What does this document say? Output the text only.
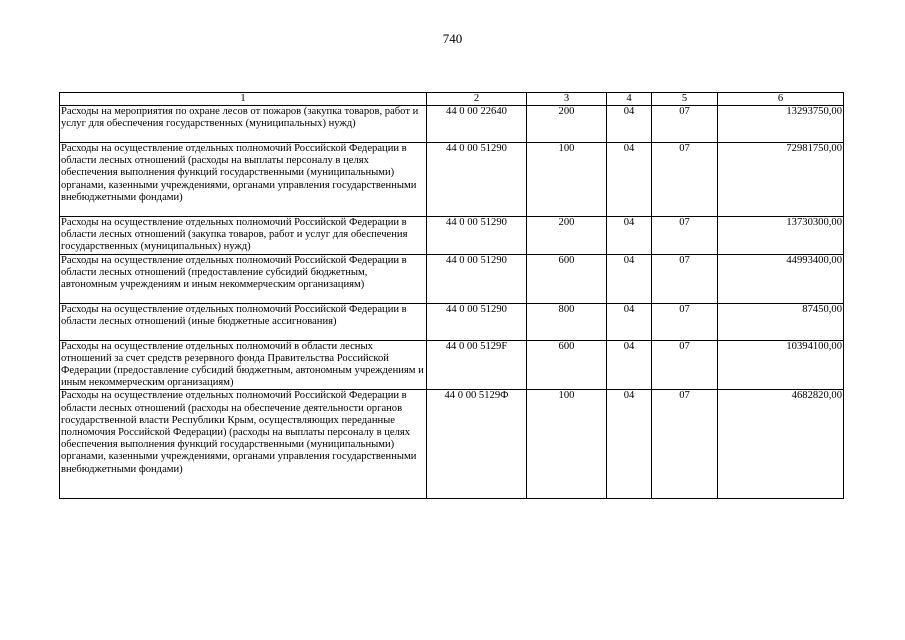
740
1	2	3	4	5	6
Расходы на мероприятия по охране лесов от пожаров (закупка товаров, работ и услуг для обеспечения государственных (муниципальных) нужд)	44 0 00 22640	200	04	07	13293750,00
Расходы на осуществление отдельных полномочий Российской Федерации в области лесных отношений (расходы на выплаты персоналу в целях обеспечения выполнения функций государственными (муниципальными) органами, казенными учреждениями, органами управления государственными внебюджетными фондами)	44 0 00 51290	100	04	07	72981750,00
Расходы на осуществление отдельных полномочий Российской Федерации в области лесных отношений (закупка товаров, работ и услуг для обеспечения государственных (муниципальных) нужд)	44 0 00 51290	200	04	07	13730300,00
Расходы на осуществление отдельных полномочий Российской Федерации в области лесных отношений (предоставление субсидий бюджетным, автономным учреждениям и иным некоммерческим организациям)	44 0 00 51290	600	04	07	44993400,00
Расходы на осуществление отдельных полномочий Российской Федерации в области лесных отношений (иные бюджетные ассигнования)	44 0 00 51290	800	04	07	87450,00
Расходы на осуществление отдельных полномочий в области лесных отношений за счет средств резервного фонда Правительства Российской Федерации (предоставление субсидий бюджетным, автономным учреждениям и иным некоммерческим организациям)	44 0 00 5129F	600	04	07	10394100,00
Расходы на осуществление отдельных полномочий Российской Федерации в области лесных отношений (расходы на обеспечение деятельности органов государственной власти Республики Крым, осуществляющих переданные полномочия Российской Федерации) (расходы на выплаты персоналу в целях обеспечения выполнения функций государственными (муниципальными) органами, казенными учреждениями, органами управления государственными внебюджетными фондами)	44 0 00 5129Ф	100	04	07	4682820,00
